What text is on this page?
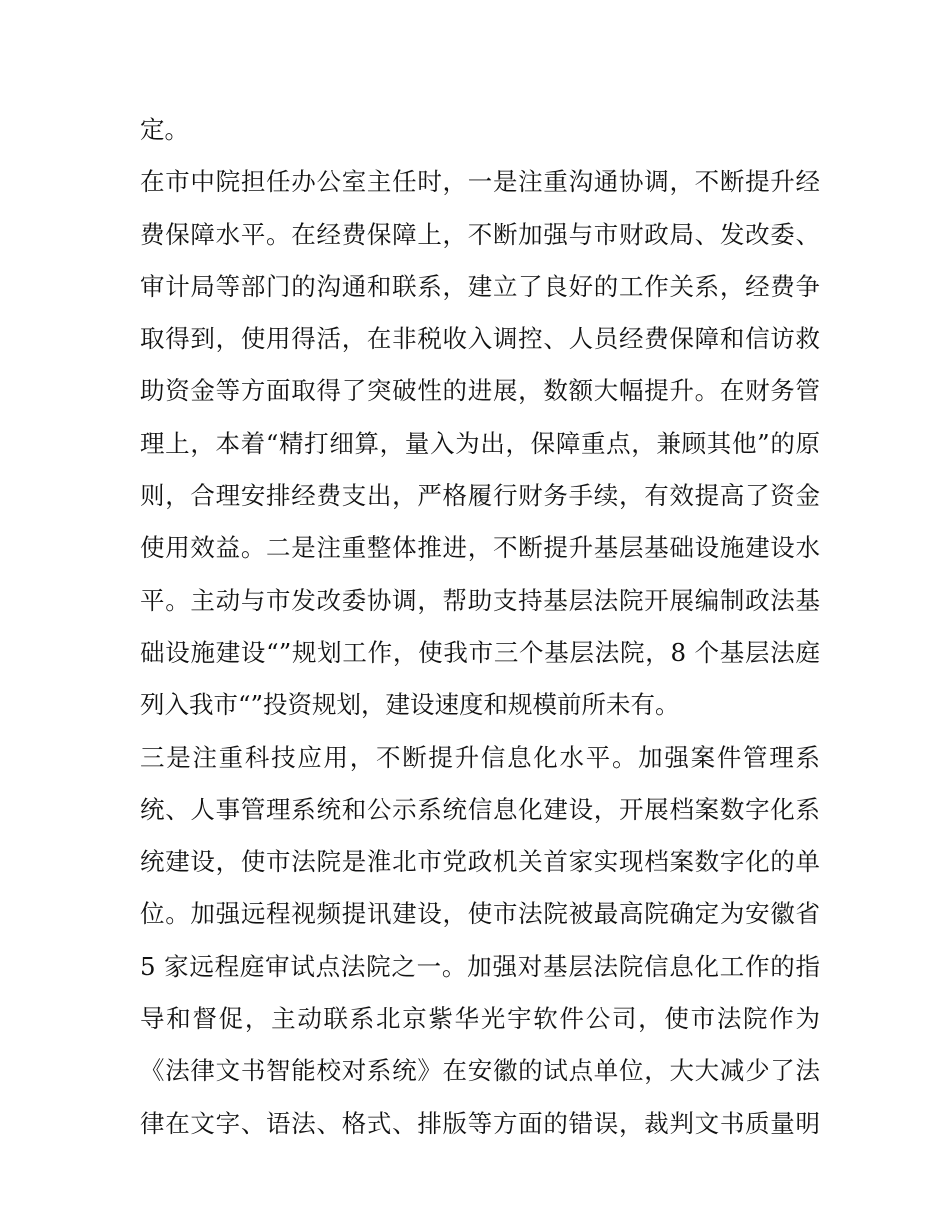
定。
在市中院担任办公室主任时，一是注重沟通协调，不断提升经
费保障水平。在经费保障上，不断加强与市财政局、发改委、
审计局等部门的沟通和联系，建立了良好的工作关系，经费争
取得到，使用得活，在非税收入调控、人员经费保障和信访救
助资金等方面取得了突破性的进展，数额大幅提升。在财务管
理上，本着“精打细算，量入为出，保障重点，兼顾其他”的原
则，合理安排经费支出，严格履行财务手续，有效提高了资金
使用效益。二是注重整体推进，不断提升基层基础设施建设水
平。主动与市发改委协调，帮助支持基层法院开展编制政法基
础设施建设“”规划工作，使我市三个基层法院，8 个基层法庭
列入我市“”投资规划，建设速度和规模前所未有。
三是注重科技应用，不断提升信息化水平。加强案件管理系
统、人事管理系统和公示系统信息化建设，开展档案数字化系
统建设，使市法院是淮北市党政机关首家实现档案数字化的单
位。加强远程视频提讯建设，使市法院被最高院确定为安徽省
5 家远程庭审试点法院之一。加强对基层法院信息化工作的指
导和督促，主动联系北京紫华光宇软件公司，使市法院作为
《法律文书智能校对系统》在安徽的试点单位，大大减少了法
律在文字、语法、格式、排版等方面的错误，裁判文书质量明
